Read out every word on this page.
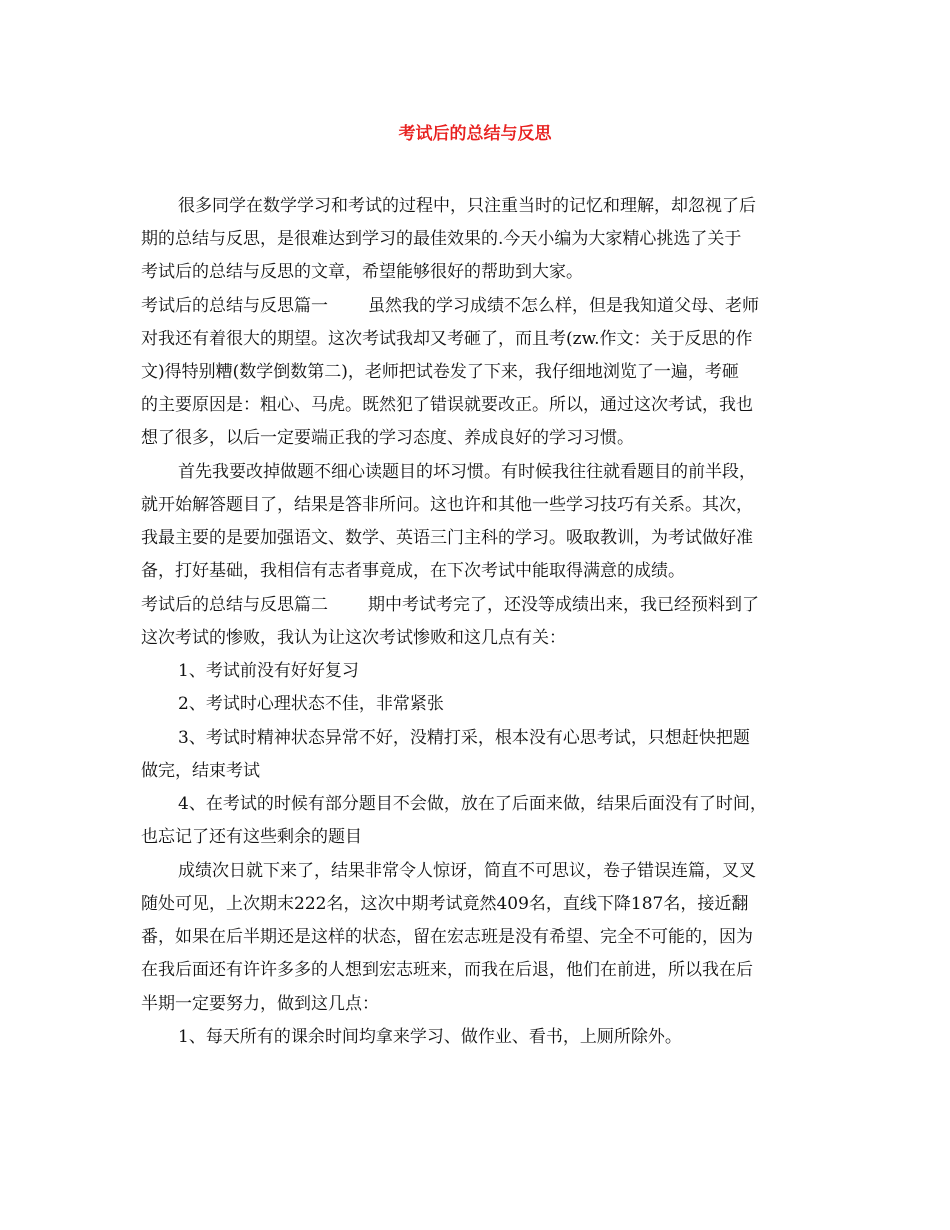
考试后的总结与反思
很多同学在数学学习和考试的过程中，只注重当时的记忆和理解，却忽视了后
期的总结与反思，是很难达到学习的最佳效果的.今天小编为大家精心挑选了关于
考试后的总结与反思的文章，希望能够很好的帮助到大家。
考试后的总结与反思篇一 虽然我的学习成绩不怎么样，但是我知道父母、老师
对我还有着很大的期望。这次考试我却又考砸了，而且考(zw.作文：关于反思的作
文)得特别糟(数学倒数第二)，老师把试卷发了下来，我仔细地浏览了一遍，考砸
的主要原因是：粗心、马虎。既然犯了错误就要改正。所以，通过这次考试，我也
想了很多，以后一定要端正我的学习态度、养成良好的学习习惯。
首先我要改掉做题不细心读题目的坏习惯。有时候我往往就看题目的前半段，
就开始解答题目了，结果是答非所问。这也许和其他一些学习技巧有关系。其次，
我最主要的是要加强语文、数学、英语三门主科的学习。吸取教训，为考试做好准
备，打好基础，我相信有志者事竟成，在下次考试中能取得满意的成绩。
考试后的总结与反思篇二 期中考试考完了，还没等成绩出来，我已经预料到了
这次考试的惨败，我认为让这次考试惨败和这几点有关：
1、考试前没有好好复习
2、考试时心理状态不佳，非常紧张
3、考试时精神状态异常不好，没精打采，根本没有心思考试，只想赶快把题
做完，结束考试
4、在考试的时候有部分题目不会做，放在了后面来做，结果后面没有了时间，
也忘记了还有这些剩余的题目
成绩次日就下来了，结果非常令人惊讶，简直不可思议，卷子错误连篇，叉叉
随处可见，上次期末222名，这次中期考试竟然409名，直线下降187名，接近翻
番，如果在后半期还是这样的状态，留在宏志班是没有希望、完全不可能的，因为
在我后面还有许许多多的人想到宏志班来，而我在后退，他们在前进，所以我在后
半期一定要努力，做到这几点：
1、每天所有的课余时间均拿来学习、做作业、看书，上厕所除外。
